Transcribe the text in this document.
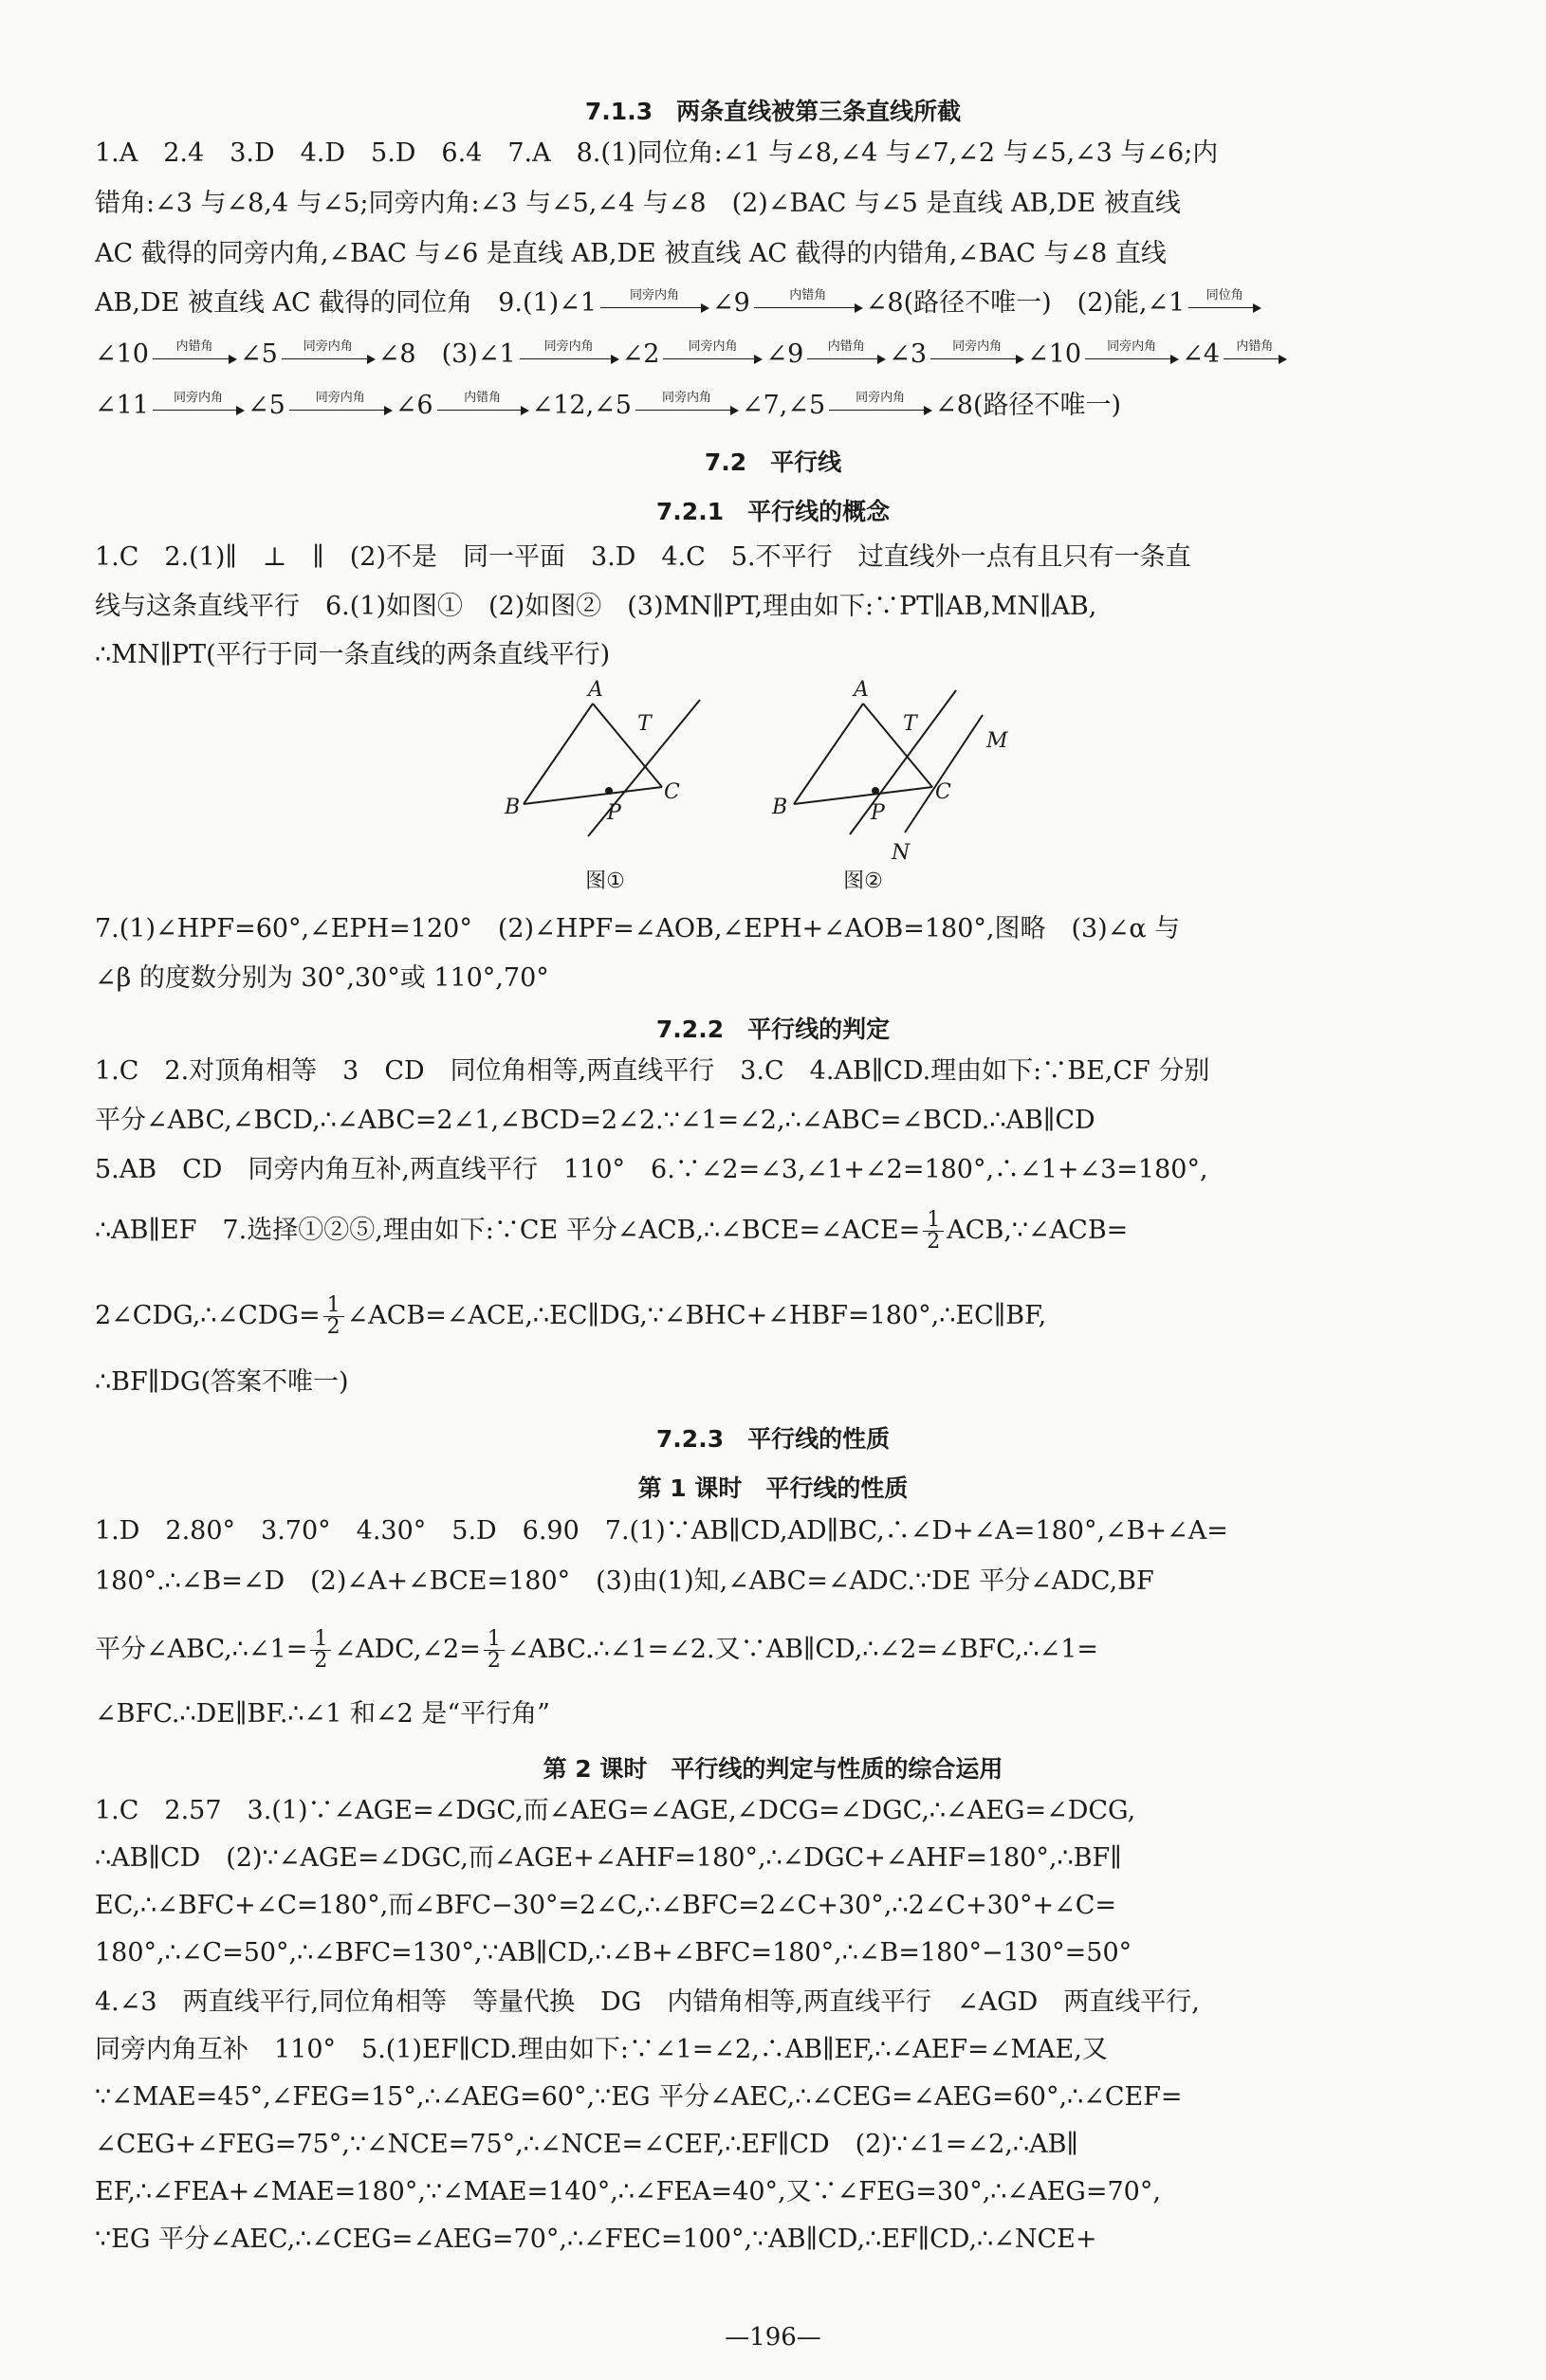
7.1.3　两条直线被第三条直线所截
1.A　2.4　3.D　4.D　5.D　6.4　7.A　8.(1)同位角:∠1 与∠8,∠4 与∠7,∠2 与∠5,∠3 与∠6;内
错角:∠3 与∠8,4 与∠5;同旁内角:∠3 与∠5,∠4 与∠8　(2)∠BAC 与∠5 是直线 AB,DE 被直线
AC 截得的同旁内角,∠BAC 与∠6 是直线 AB,DE 被直线 AC 截得的内错角,∠BAC 与∠8 直线
AB,DE 被直线 AC 截得的同位角　9.(1)∠1	同旁内角	∠9	内错角	∠8(路径不唯一)　(2)能,∠1	同位角
∠10	内错角	∠5	同旁内角	∠8　(3)∠1	同旁内角	∠2	同旁内角	∠9	内错角 ∠3	同旁内角	∠10	同旁内角	∠4	内错角
∠11	同旁内角 ∠5	同旁内角	∠6	内错角	∠12,∠5	同旁内角	∠7,∠5	同旁内角	∠8(路径不唯一)
7.2　平行线
7.2.1　平行线的概念
1.C　2.(1)∥　⊥　∥　(2)不是　同一平面　3.D　4.C　5.不平行　过直线外一点有且只有一条直
线与这条直线平行　6.(1)如图①　(2)如图②　(3)MN∥PT,理由如下:∵PT∥AB,MN∥AB,
∴MN∥PT(平行于同一条直线的两条直线平行)
A
T
B	P
C
图①
A
T
M
B	P
C
N
图②
7.(1)∠HPF=60°,∠EPH=120°　(2)∠HPF=∠AOB,∠EPH+∠AOB=180°,图略　(3)∠α 与
∠β 的度数分别为 30°,30°或 110°,70°
7.2.2　平行线的判定
1.C　2.对顶角相等　3　CD　同位角相等,两直线平行　3.C　4.AB∥CD.理由如下:∵BE,CF 分别
平分∠ABC,∠BCD,∴∠ABC=2∠1,∠BCD=2∠2.∵∠1=∠2,∴∠ABC=∠BCD.∴AB∥CD
5.AB　CD　同旁内角互补,两直线平行　110°　6.∵∠2=∠3,∠1+∠2=180°,∴∠1+∠3=180°,
∴AB∥EF　7.选择①②⑤,理由如下:∵CE 平分∠ACB,∴∠BCE=∠ACE= $\frac{1}{2}$ ACB,∵∠ACB=
2∠CDG,∴∠CDG= $\frac{1}{2}$ ∠ACB=∠ACE,∴EC∥DG,∵∠BHC+∠HBF=180°,∴EC∥BF,
∴BF∥DG(答案不唯一)
7.2.3　平行线的性质
第 1 课时　平行线的性质
1.D　2.80°　3.70°　4.30°　5.D　6.90　7.(1)∵AB∥CD,AD∥BC,∴∠D+∠A=180°,∠B+∠A=
180°.∴∠B=∠D　(2)∠A+∠BCE=180°　(3)由(1)知,∠ABC=∠ADC.∵DE 平分∠ADC,BF
平分∠ABC,∴∠1= $\frac{1}{2}$ ∠ADC,∠2= $\frac{1}{2}$ ∠ABC.∴∠1=∠2.又∵AB∥CD,∴∠2=∠BFC,∴∠1=
∠BFC.∴DE∥BF.∴∠1 和∠2 是“平行角”
第 2 课时　平行线的判定与性质的综合运用
1.C　2.57　3.(1)∵∠AGE=∠DGC,而∠AEG=∠AGE,∠DCG=∠DGC,∴∠AEG=∠DCG,
∴AB∥CD　(2)∵∠AGE=∠DGC,而∠AGE+∠AHF=180°,∴∠DGC+∠AHF=180°,∴BF∥
EC,∴∠BFC+∠C=180°,而∠BFC−30°=2∠C,∴∠BFC=2∠C+30°,∴2∠C+30°+∠C=
180°,∴∠C=50°,∴∠BFC=130°,∵AB∥CD,∴∠B+∠BFC=180°,∴∠B=180°−130°=50°
4.∠3　两直线平行,同位角相等　等量代换　DG　内错角相等,两直线平行　∠AGD　两直线平行,
同旁内角互补　110°　5.(1)EF∥CD.理由如下:∵∠1=∠2,∴AB∥EF,∴∠AEF=∠MAE,又
∵∠MAE=45°,∠FEG=15°,∴∠AEG=60°,∵EG 平分∠AEC,∴∠CEG=∠AEG=60°,∴∠CEF=
∠CEG+∠FEG=75°,∵∠NCE=75°,∴∠NCE=∠CEF,∴EF∥CD　(2)∵∠1=∠2,∴AB∥
EF,∴∠FEA+∠MAE=180°,∵∠MAE=140°,∴∠FEA=40°,又∵∠FEG=30°,∴∠AEG=70°,
∵EG 平分∠AEC,∴∠CEG=∠AEG=70°,∴∠FEC=100°,∵AB∥CD,∴EF∥CD,∴∠NCE+
—196—
